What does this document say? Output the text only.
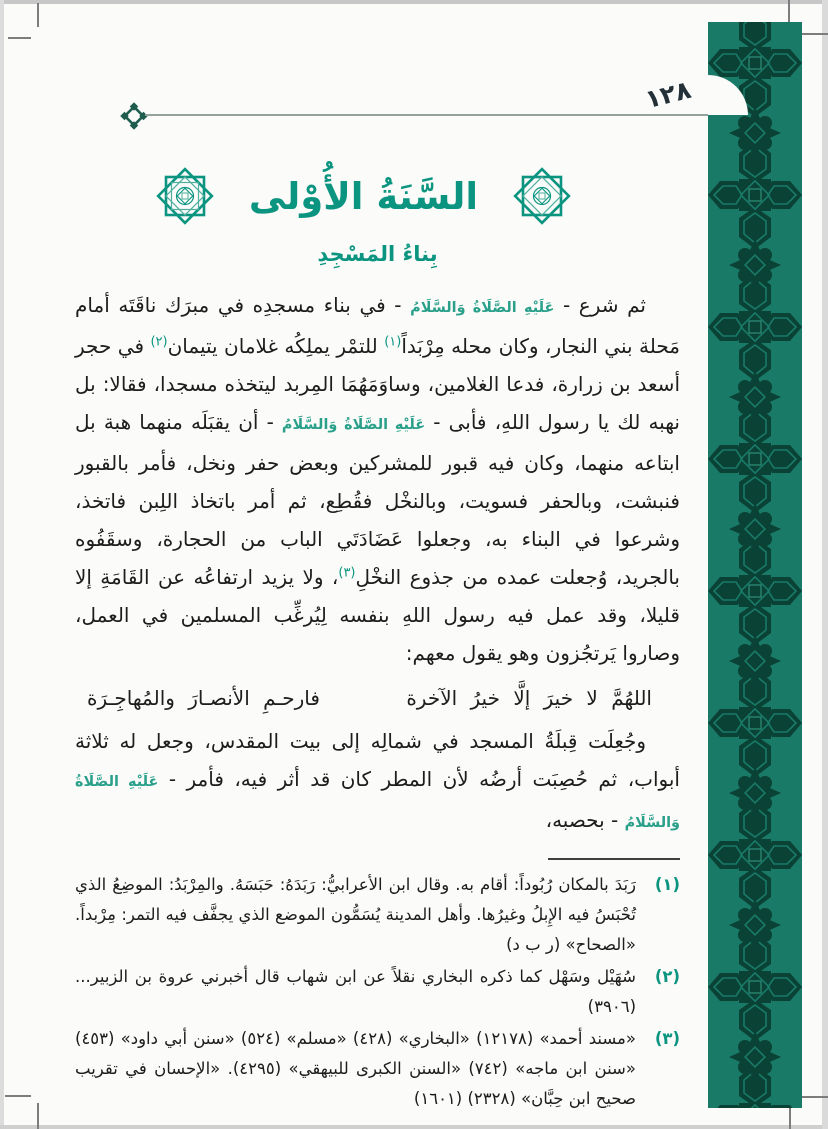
١٢٨
السَّنَةُ الأُوْلى
بِناءُ المَسْجِدِ

ثم شرع - عَلَيْهِ الصَّلَاةُ وَالسَّلَامُ - في بناء مسجدِه في مبرَك ناقَتَه أمام مَحلة بني النجار، وكان محله مِرْبَداً$^{(١)}$ للتمْر يملِكُه غلامان يتيمان$^{(٢)}$ في حجر أسعد بن زرارة، فدعا الغلامين، وساوَمَهُمَا المِربد ليتخذه مسجدا، فقالا: بل نهبه لك يا رسول اللهِ، فأبى - عَلَيْهِ الصَّلَاةُ وَالسَّلَامُ - أن يقبَلَه منهما هبة بل ابتاعه منهما، وكان فيه قبور للمشركين وبعض حفر ونخل، فأمر بالقبور فنبشت، وبالحفر فسويت، وبالنخْل فقُطِع، ثم أمر باتخاذ اللِبن فاتخذ، وشرعوا في البناء به، وجعلوا عَضَادَتَي الباب من الحجارة، وسقَفُوه بالجريد، وُجعلت عمده من جذوع النخْلِ$^{(٣)}$، ولا يزيد ارتفاعُه عن القَامَةِ إلا قليلا، وقد عمل فيه رسول اللهِ بنفسه لِيُرغِّب المسلمين في العمل، وصاروا يَرتجُزون وهو يقول معهم:

اللهُمَّ لا خيرَ إلَّا خيرُ الآخرة
فارحـمِ الأنصـارَ والمُهاجِـرَة

وجُعِلَت قِبلَةُ المسجد في شمالِه إلى بيت المقدس، وجعل له ثلاثة أبواب، ثم حُصِبَت أرضُه لأن المطر كان قد أثر فيه، فأمر - عَلَيْهِ الصَّلَاةُ وَالسَّلَامُ - بحصبه،

(١)
رَبَدَ بالمكان رُبُوداً: أقام به. وقال ابن الأعرابيُّ: رَبَدَهُ: حَبَسَهُ. والمِرْبَدُ: الموضِعُ الذي تُحْبَسُ فيه الإِبلُ وغيرُها. وأهل المدينة يُسَمُّون الموضع الذي يجفَّف فيه التمر: مِرْبداً. «الصحاح» (ر ب د)
(٢)
سُهَيْل وسَهْل كما ذكره البخاري نقلاً عن ابن شهاب قال أخبرني عروة بن الزبير... (٣٩٠٦)
(٣)
«مسند أحمد» (١٢١٧٨) «البخاري» (٤٢٨) «مسلم» (٥٢٤) «سنن أبي داود» (٤٥٣) «سنن ابن ماجه» (٧٤٢) «السنن الكبرى للبيهقي» (٤٢٩٥). «الإحسان في تقريب صحيح ابن حِبَّان» (٢٣٢٨) (١٦٠١)
